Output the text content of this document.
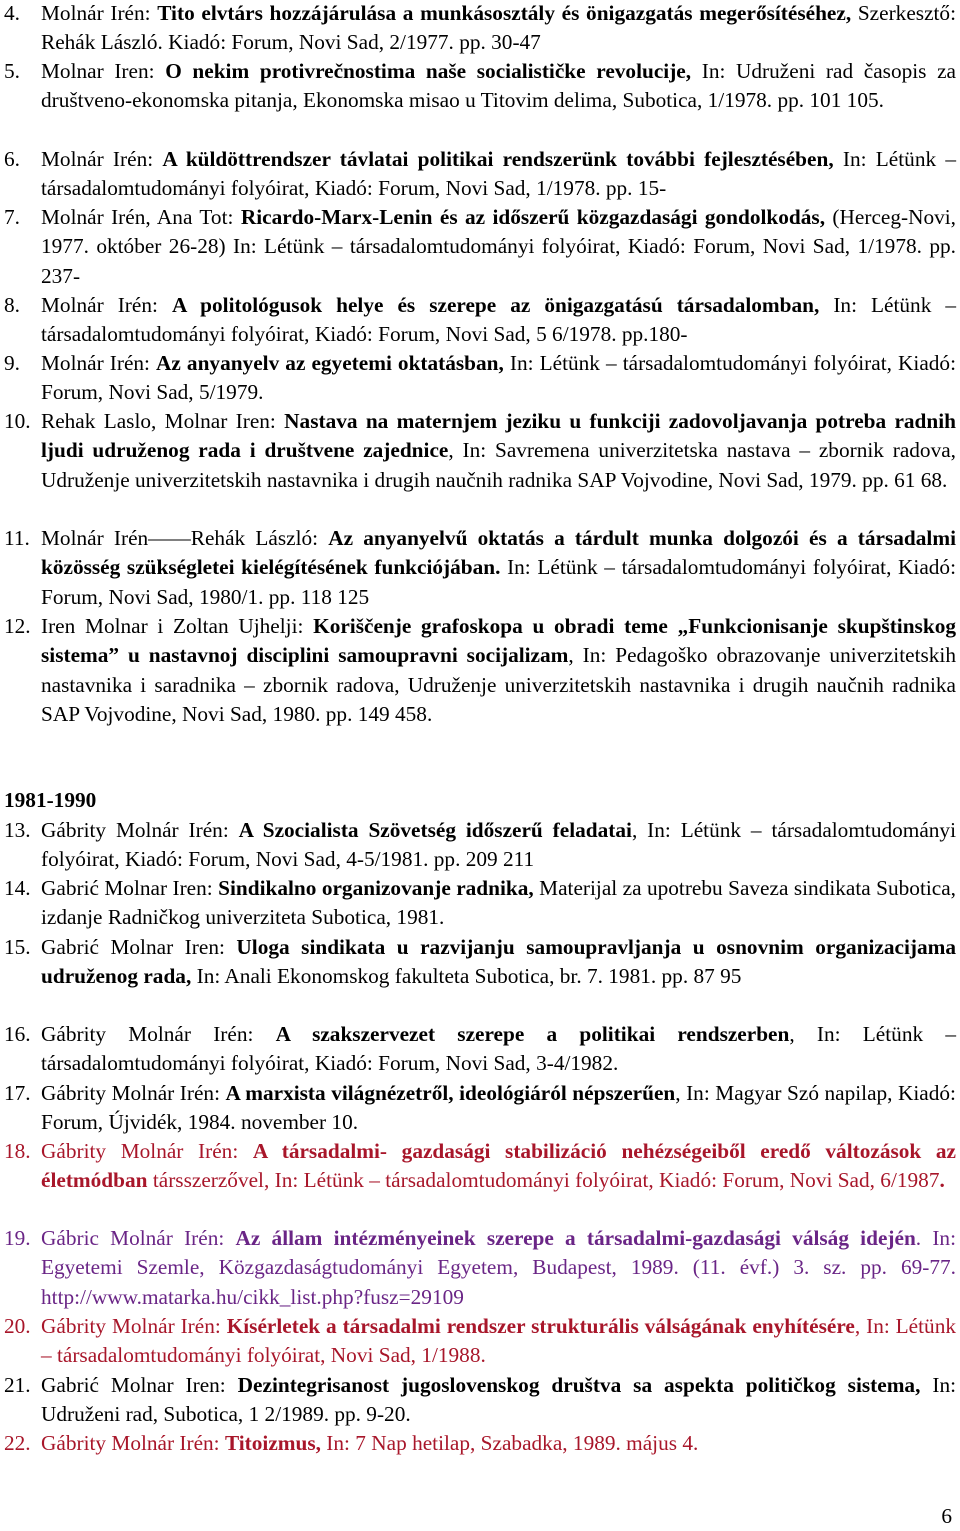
4. Molnár Irén: Tito elvtárs hozzájárulása a munkásosztály és önigazgatás megerősítéséhez, Szerkesztő: Rehák László. Kiadó: Forum, Novi Sad, 2/1977. pp. 30-47
5. Molnar Iren: O nekim protivrečnostima naše socialističke revolucije, In: Udruženi rad časopis za društveno-ekonomska pitanja, Ekonomska misao u Titovim delima, Subotica, 1/1978. pp. 101 105.
6. Molnár Irén: A küldöttrendszer távlatai politikai rendszerünk további fejlesztésében, In: Létünk – társadalomtudományi folyóirat, Kiadó: Forum, Novi Sad, 1/1978. pp. 15-
7. Molnár Irén, Ana Tot: Ricardo-Marx-Lenin és az időszerű közgazdasági gondolkodás, (Herceg-Novi, 1977. október 26-28) In: Létünk – társadalomtudományi folyóirat, Kiadó: Forum, Novi Sad, 1/1978. pp. 237-
8. Molnár Irén: A politológusok helye és szerepe az önigazgatású társadalomban, In: Létünk – társadalomtudományi folyóirat, Kiadó: Forum, Novi Sad, 5 6/1978. pp.180-
9. Molnár Irén: Az anyanyelv az egyetemi oktatásban, In: Létünk – társadalomtudományi folyóirat, Kiadó: Forum, Novi Sad, 5/1979.
10. Rehak Laslo, Molnar Iren: Nastava na maternjem jeziku u funkciji zadovoljavanja potreba radnih ljudi udruženog rada i društvene zajednice, In: Savremena univerzitetska nastava – zbornik radova, Udruženje univerzitetskih nastavnika i drugih naučnih radnika SAP Vojvodine, Novi Sad, 1979. pp. 61 68.
11. Molnár Irén——Rehák László: Az anyanyelvű oktatás a tárdult munka dolgozói és a társadalmi közösség szükségletei kielégítésének funkciójában. In: Létünk – társadalomtudományi folyóirat, Kiadó: Forum, Novi Sad, 1980/1. pp. 118 125
12. Iren Molnar i Zoltan Ujhelji: Koriščenje grafoskopa u obradi teme „Funkcionisanje skupštinskog sistema” u nastavnoj disciplini samoupravni socijalizam, In: Pedagoško obrazovanje univerzitetskih nastavnika i saradnika – zbornik radova, Udruženje univerzitetskih nastavnika i drugih naučnih radnika SAP Vojvodine, Novi Sad, 1980. pp. 149 458.
1981-1990
13. Gábrity Molnár Irén: A Szocialista Szövetség időszerű feladatai, In: Létünk – társadalomtudományi folyóirat, Kiadó: Forum, Novi Sad, 4-5/1981. pp. 209 211
14. Gabrić Molnar Iren: Sindikalno organizovanje radnika, Materijal za upotrebu Saveza sindikata Subotica, izdanje Radničkog univerziteta Subotica, 1981.
15. Gabrić Molnar Iren: Uloga sindikata u razvijanju samoupravljanja u osnovnim organizacijama udruženog rada, In: Anali Ekonomskog fakulteta Subotica, br. 7. 1981. pp. 87 95
16. Gábrity Molnár Irén: A szakszervezet szerepe a politikai rendszerben, In: Létünk – társadalomtudományi folyóirat, Kiadó: Forum, Novi Sad, 3-4/1982.
17. Gábrity Molnár Irén: A marxista világnézetről, ideológiáról népszerűen, In: Magyar Szó napilap, Kiadó: Forum, Újvidék, 1984. november 10.
18. Gábrity Molnár Irén: A társadalmi- gazdasági stabilizáció nehézségeiből eredő változások az életmódban társszerzővel, In: Létünk – társadalomtudományi folyóirat, Kiadó: Forum, Novi Sad, 6/1987.
19. Gábric Molnár Irén: Az állam intézményeinek szerepe a társadalmi-gazdasági válság idején. In: Egyetemi Szemle, Közgazdaságtudományi Egyetem, Budapest, 1989. (11. évf.) 3. sz. pp. 69-77. http://www.matarka.hu/cikk_list.php?fusz=29109
20. Gábrity Molnár Irén: Kísérletek a társadalmi rendszer strukturális válságának enyhítésére, In: Létünk – társadalomtudományi folyóirat, Novi Sad, 1/1988.
21. Gabrić Molnar Iren: Dezintegrisanost jugoslovenskog društva sa aspekta političkog sistema, In: Udruženi rad, Subotica, 1 2/1989. pp. 9-20.
22. Gábrity Molnár Irén: Titoizmus, In: 7 Nap hetilap, Szabadka, 1989. május 4.
6
